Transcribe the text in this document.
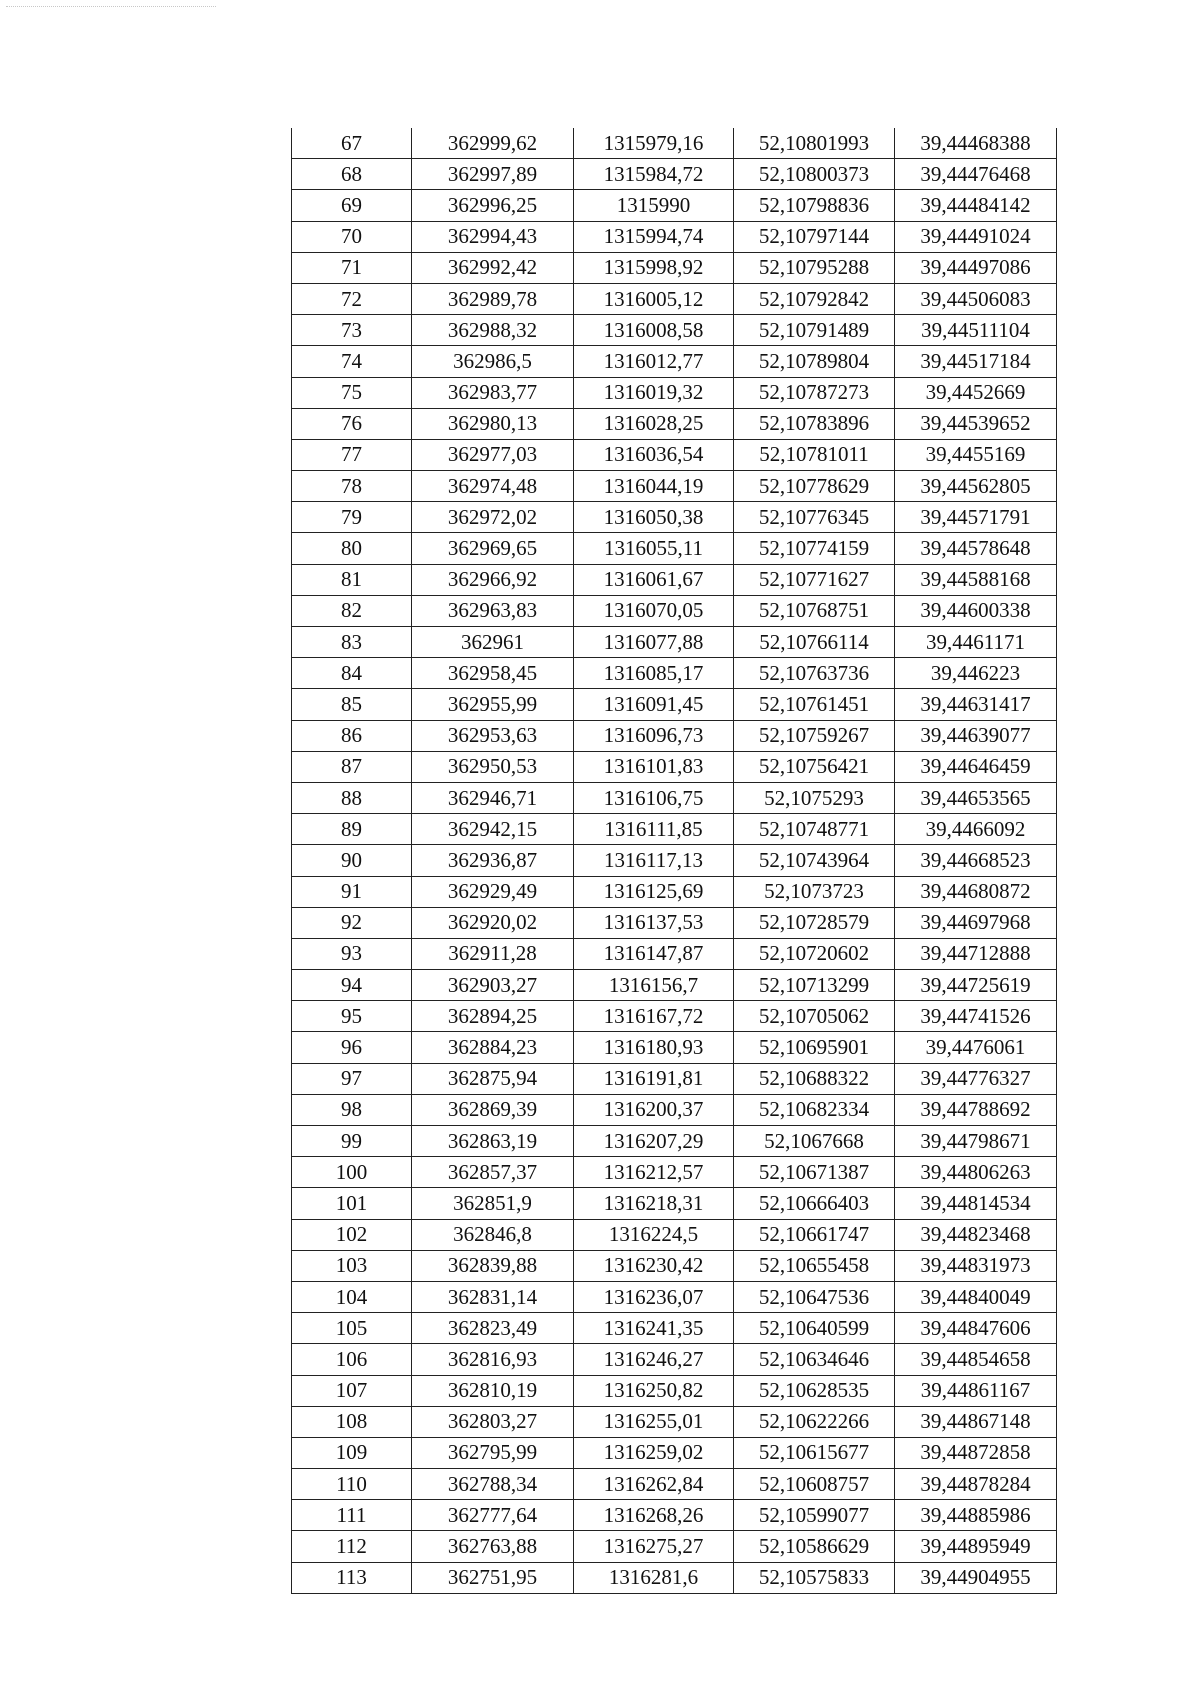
67	362999,62	1315979,16	52,10801993	39,44468388
68	362997,89	1315984,72	52,10800373	39,44476468
69	362996,25	1315990	52,10798836	39,44484142
70	362994,43	1315994,74	52,10797144	39,44491024
71	362992,42	1315998,92	52,10795288	39,44497086
72	362989,78	1316005,12	52,10792842	39,44506083
73	362988,32	1316008,58	52,10791489	39,44511104
74	362986,5	1316012,77	52,10789804	39,44517184
75	362983,77	1316019,32	52,10787273	39,4452669
76	362980,13	1316028,25	52,10783896	39,44539652
77	362977,03	1316036,54	52,10781011	39,4455169
78	362974,48	1316044,19	52,10778629	39,44562805
79	362972,02	1316050,38	52,10776345	39,44571791
80	362969,65	1316055,11	52,10774159	39,44578648
81	362966,92	1316061,67	52,10771627	39,44588168
82	362963,83	1316070,05	52,10768751	39,44600338
83	362961	1316077,88	52,10766114	39,4461171
84	362958,45	1316085,17	52,10763736	39,446223
85	362955,99	1316091,45	52,10761451	39,44631417
86	362953,63	1316096,73	52,10759267	39,44639077
87	362950,53	1316101,83	52,10756421	39,44646459
88	362946,71	1316106,75	52,1075293	39,44653565
89	362942,15	1316111,85	52,10748771	39,4466092
90	362936,87	1316117,13	52,10743964	39,44668523
91	362929,49	1316125,69	52,1073723	39,44680872
92	362920,02	1316137,53	52,10728579	39,44697968
93	362911,28	1316147,87	52,10720602	39,44712888
94	362903,27	1316156,7	52,10713299	39,44725619
95	362894,25	1316167,72	52,10705062	39,44741526
96	362884,23	1316180,93	52,10695901	39,4476061
97	362875,94	1316191,81	52,10688322	39,44776327
98	362869,39	1316200,37	52,10682334	39,44788692
99	362863,19	1316207,29	52,1067668	39,44798671
100	362857,37	1316212,57	52,10671387	39,44806263
101	362851,9	1316218,31	52,10666403	39,44814534
102	362846,8	1316224,5	52,10661747	39,44823468
103	362839,88	1316230,42	52,10655458	39,44831973
104	362831,14	1316236,07	52,10647536	39,44840049
105	362823,49	1316241,35	52,10640599	39,44847606
106	362816,93	1316246,27	52,10634646	39,44854658
107	362810,19	1316250,82	52,10628535	39,44861167
108	362803,27	1316255,01	52,10622266	39,44867148
109	362795,99	1316259,02	52,10615677	39,44872858
110	362788,34	1316262,84	52,10608757	39,44878284
111	362777,64	1316268,26	52,10599077	39,44885986
112	362763,88	1316275,27	52,10586629	39,44895949
113	362751,95	1316281,6	52,10575833	39,44904955
